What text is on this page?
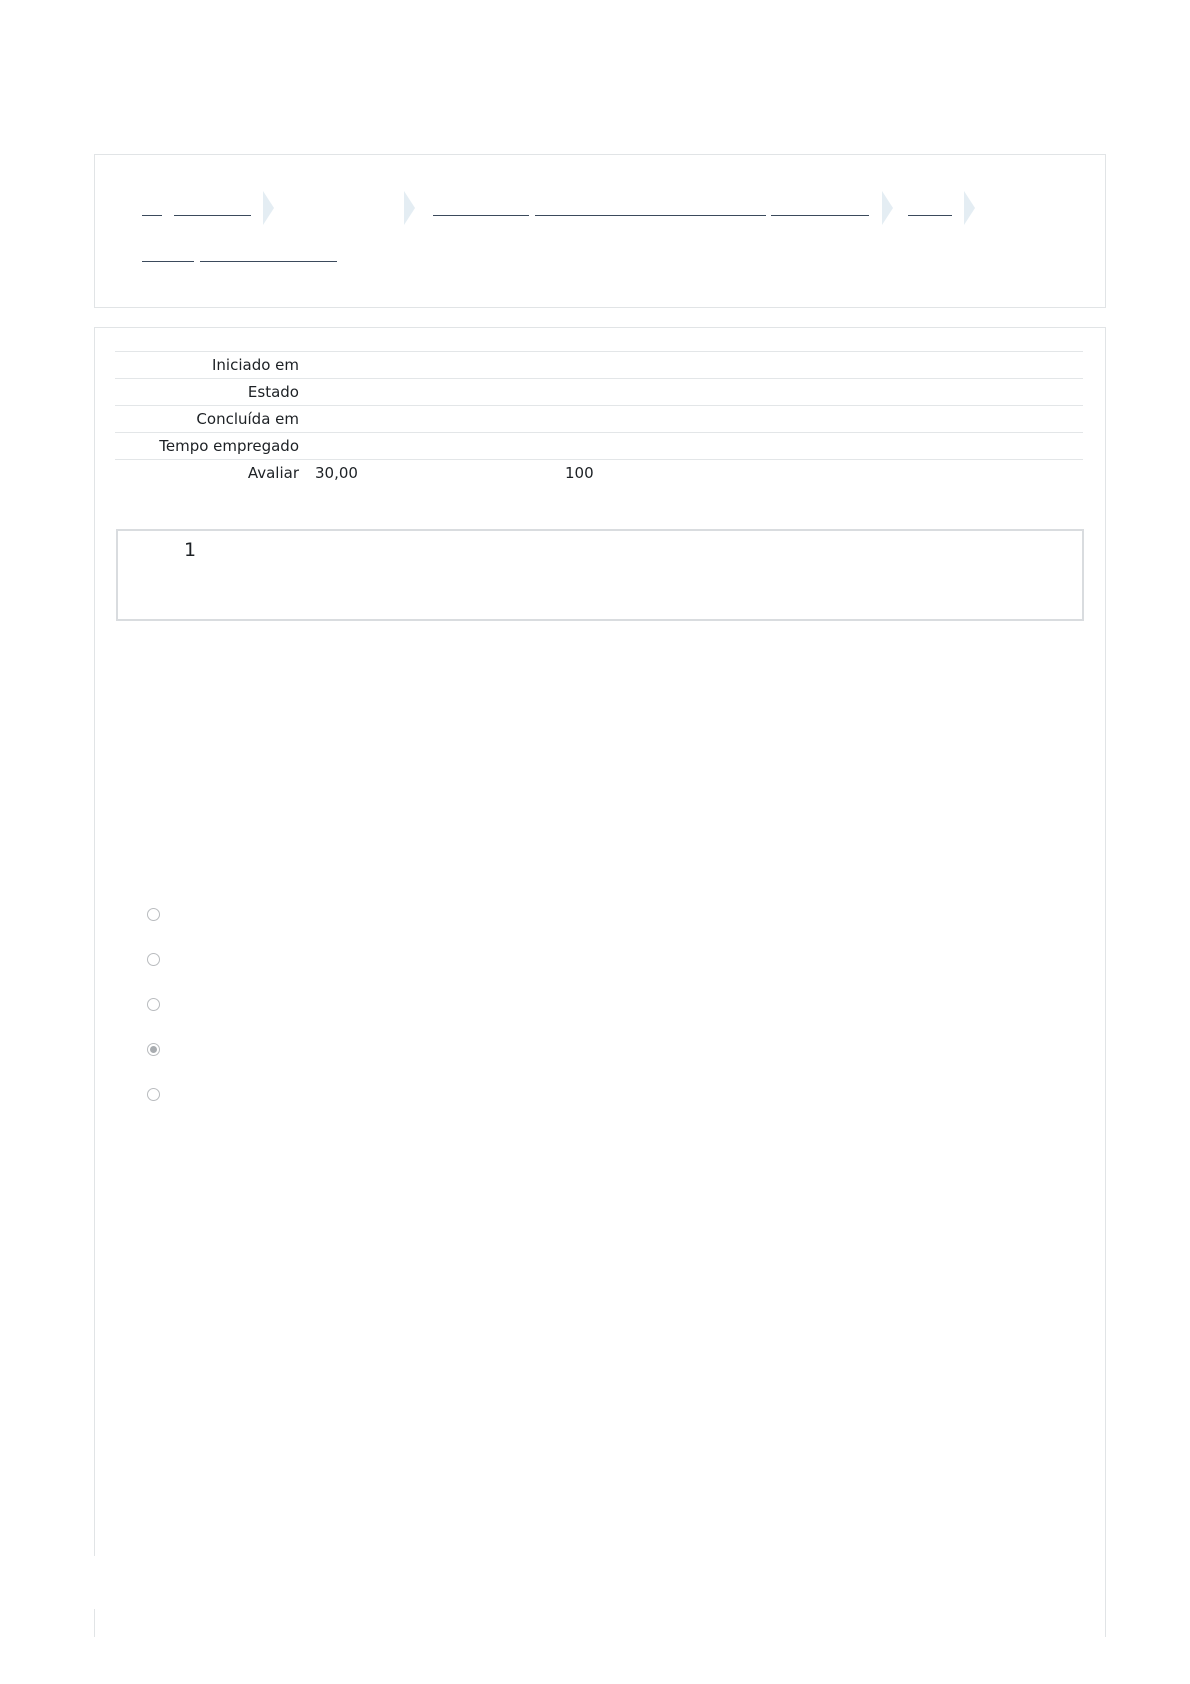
Iniciado em	
Estado	
Concluída em	
Tempo empregado	
Avaliar	30,00 100
1
